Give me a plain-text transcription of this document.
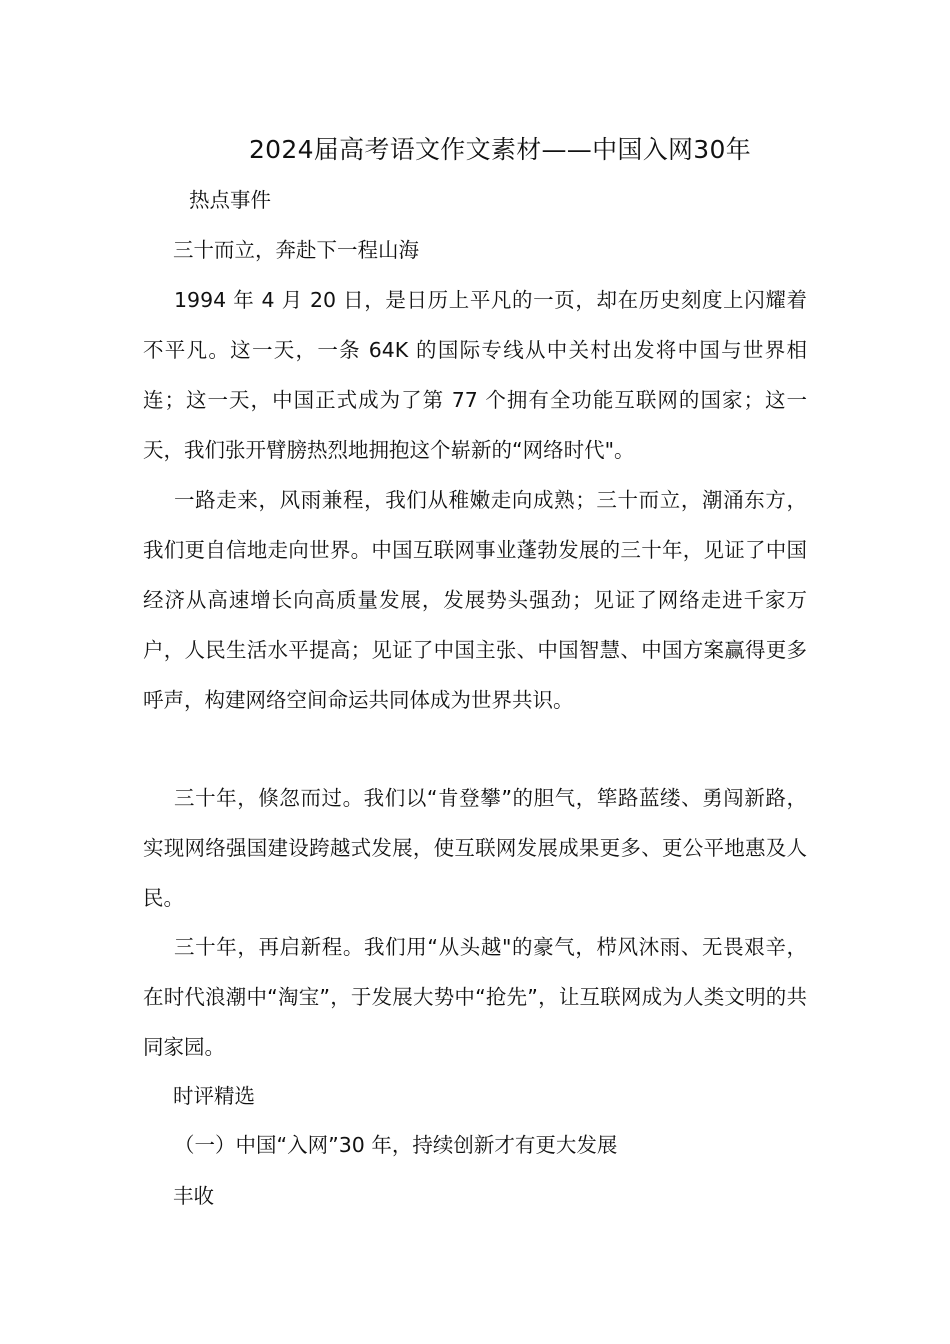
2024届高考语文作文素材——中国入网30年
热点事件
三十而立，奔赴下一程山海

1994 年 4 月 20 日，是日历上平凡的一页，却在历史刻度上闪耀着不平凡。这一天，一条 64K 的国际专线从中关村出发将中国与世界相连；这一天，中国正式成为了第 77 个拥有全功能互联网的国家；这一天，我们张开臂膀热烈地拥抱这个崭新的“网络时代"。

一路走来，风雨兼程，我们从稚嫩走向成熟；三十而立，潮涌东方，我们更自信地走向世界。中国互联网事业蓬勃发展的三十年，见证了中国经济从高速增长向高质量发展，发展势头强劲；见证了网络走进千家万户，人民生活水平提高；见证了中国主张、中国智慧、中国方案赢得更多呼声，构建网络空间命运共同体成为世界共识。

三十年，倏忽而过。我们以“肯登攀”的胆气，筚路蓝缕、勇闯新路，实现网络强国建设跨越式发展，使互联网发展成果更多、更公平地惠及人民。

三十年，再启新程。我们用“从头越"的豪气，栉风沐雨、无畏艰辛，在时代浪潮中“淘宝”，于发展大势中“抢先”，让互联网成为人类文明的共同家园。

时评精选
（一）中国“入网”30 年，持续创新才有更大发展
丰收
